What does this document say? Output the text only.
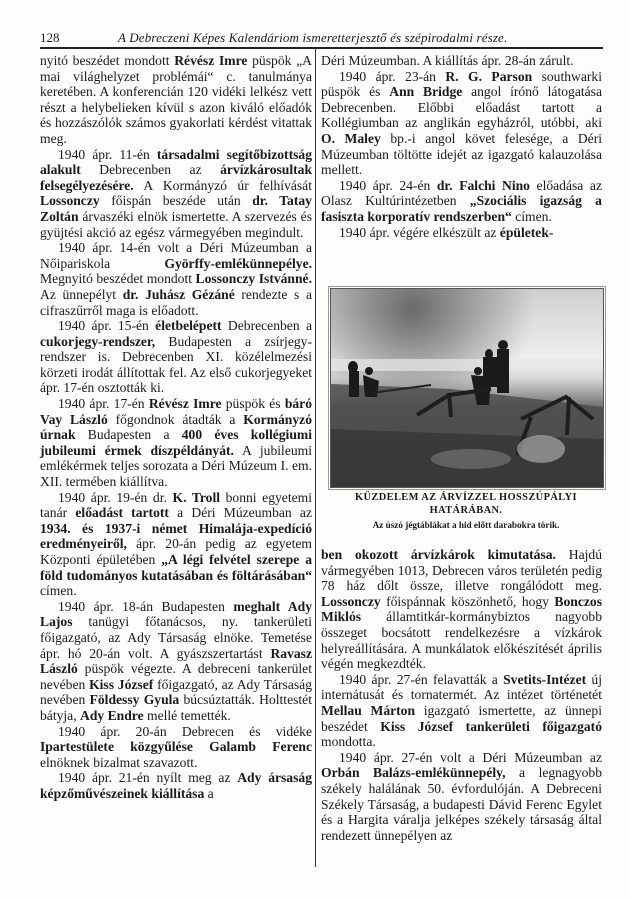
128	A Debreczeni Képes Kalendáriom ismeretterjesztő és szépirodalmi része.

nyitó beszédet mondott Révész Imre püspök „A mai világhelyzet problémái“ c. tanulmánya keretében. A konferencián 120 vidéki lelkész vett részt a helybelieken kívül s azon kiváló előadók és hozzászólók számos gyakorlati kérdést vitattak meg.

1940 ápr. 11-én társadalmi segítőbizottság alakult Debrecenben az árvízkárosultak felsegélyezésére. A Kormányzó úr felhívását Lossonczy főispán beszéde után dr. Tatay Zoltán árvaszéki elnök ismertette. A szervezés és gyüjtési akció az egész vármegyében megindult.

1940 ápr. 14-én volt a Déri Múzeumban a Nőipariskola Györffy-emlékünnepélye. Megnyitó beszédet mondott Lossonczy Istvánné. Az ünnepélyt dr. Juhász Gézáné rendezte s a cifraszűrről maga is előadott.

1940 ápr. 15-én életbelépett Debrecenben a cukorjegy-rendszer, Budapesten a zsírjegy-rendszer is. Debrecenben XI. közélelmezési körzeti irodát állítottak fel. Az első cukorjegyeket ápr. 17-én osztották ki.

1940 ápr. 17-én Révész Imre püspök és báró Vay László főgondnok átadták a Kormányzó úrnak Budapesten a 400 éves kollégiumi jubileumi érmek díszpéldányát. A jubileumi emlékérmek teljes sorozata a Déri Múzeum I. em. XII. termében kiállítva.

1940 ápr. 19-én dr. K. Troll bonni egyetemi tanár előadást tartott a Déri Múzeumban az 1934. és 1937-i német Himalája-expedíció eredményeiről, ápr. 20-án pedig az egyetem Központi épületében „A légi felvétel szerepe a föld tudományos kutatásában és föltárásában“ címen.

1940 ápr. 18-án Budapesten meghalt Ady Lajos tanügyi főtanácsos, ny. tankerületi főigazgató, az Ady Társaság elnöke. Temetése ápr. hó 20-án volt. A gyászszertartást Ravasz László püspök végezte. A debreceni tankerület nevében Kiss József főigazgató, az Ady Társaság nevében Földessy Gyula búcsúztatták. Holttestét bátyja, Ady Endre mellé temették.

1940 ápr. 20-án Debrecen és vidéke Ipartestülete közgyűlése Galamb Ferenc elnöknek bizalmat szavazott.

1940 ápr. 21-én nyílt meg az Ady ársaság képzőművészeinek kiállítása a

Déri Múzeumban. A kiállítás ápr. 28-án zárult.

1940 ápr. 23-án R. G. Parson southwarki püspök és Ann Bridge angol írónő látogatása Debrecenben. Előbbi előadást tartott a Kollégiumban az anglikán egyházról, utóbbi, aki O. Maley bp.-i angol követ felesége, a Déri Múzeumban töltötte idejét az igazgató kalauzolása mellett.

1940 ápr. 24-én dr. Falchi Nino előadása az Olasz Kultúrintézetben „Szociális igazság a fasiszta korporatív rendszerben“ címen.

1940 ápr. végére elkészült az épületek-

KÜZDELEM AZ ÁRVÍZZEL HOSSZÚPÁLYI HATÁRÁBAN.
Az úszó jégtáblákat a hid előtt darabokra törik.

ben okozott árvízkárok kimutatása. Hajdú vármegyében 1013, Debrecen város területén pedig 78 ház dőlt össze, illetve rongálódott meg. Lossonczy főispánnak köszönhető, hogy Bonczos Miklós államtitkár-kormánybiztos nagyobb összeget bocsátott rendelkezésre a vízkárok helyreállítására. A munkálatok előkészítését április végén megkezdték.

1940 ápr. 27-én felavatták a Svetits-Intézet új internátusát és tornatermét. Az intézet történetét Mellau Márton igazgató ismertette, az ünnepi beszédet Kiss József tankerületi főigazgató mondotta.

1940 ápr. 27-én volt a Déri Múzeumban az Orbán Balázs-emlékünnepély, a legnagyobb székely halálának 50. évfordulóján. A Debreceni Székely Társaság, a budapesti Dávid Ferenc Egylet és a Hargita váralja jelképes székely társaság által rendezett ünnepélyen az
